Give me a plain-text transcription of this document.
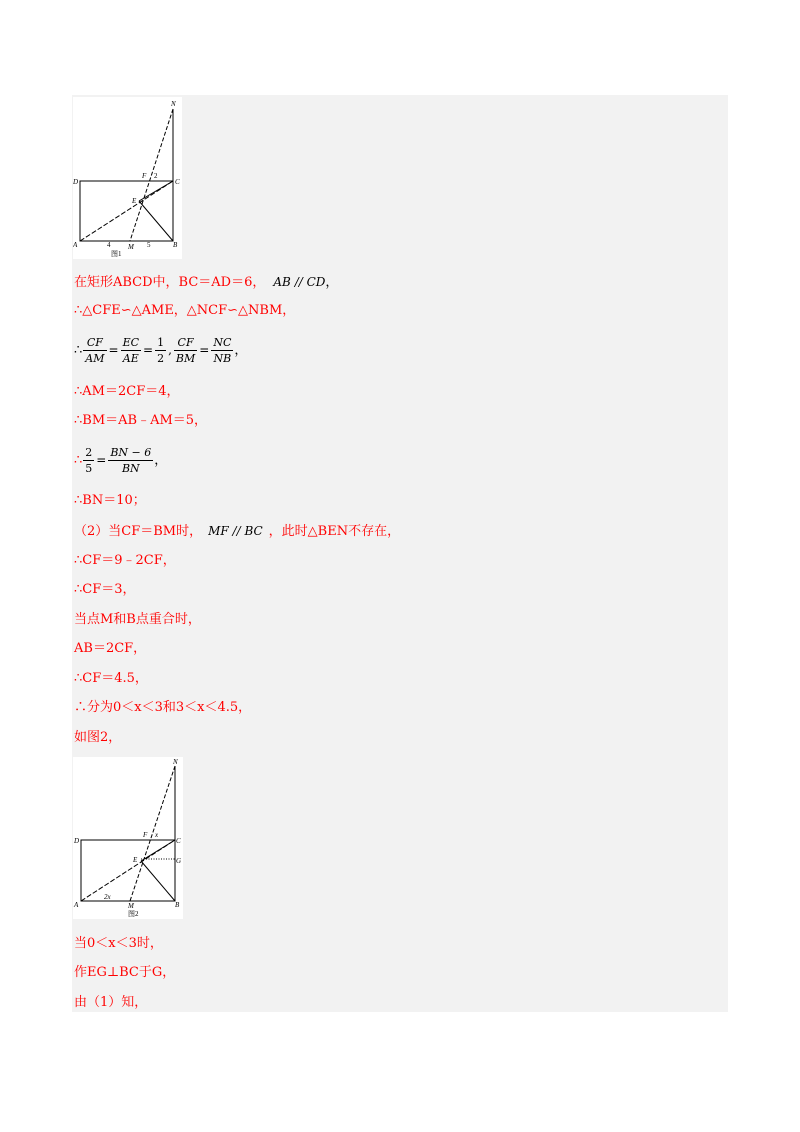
N
D
F 2
C
E
A	4	M 5	B
图1
在矩形ABCD中，BC＝AD＝6， AB // CD，
∴△CFE∽△AME，△NCF∽△NBM，
∴ $\frac{CF}{AM} = \frac{EC}{AE} = \frac{1}{2}$ , $\frac{CF}{BM} = \frac{NC}{NB}$ ，
∴AM＝2CF＝4，
∴BM＝AB﹣AM＝5，
∴ $\frac{2}{5} = \frac{BN - 6}{BN}$ ，
∴BN＝10；
（2）当CF＝BM时， MF // BC ，此时△BEN不存在，
∴CF＝9﹣2CF，
∴CF＝3，
当点M和B点重合时，
AB＝2CF，
∴CF＝4.5，
∴分为0＜x＜3和3＜x＜4.5，
如图2，
N
D
F x
C
E	G
A
2x
M	B
图2
当0＜x＜3时，
作EG⊥BC于G，
由（1）知，
